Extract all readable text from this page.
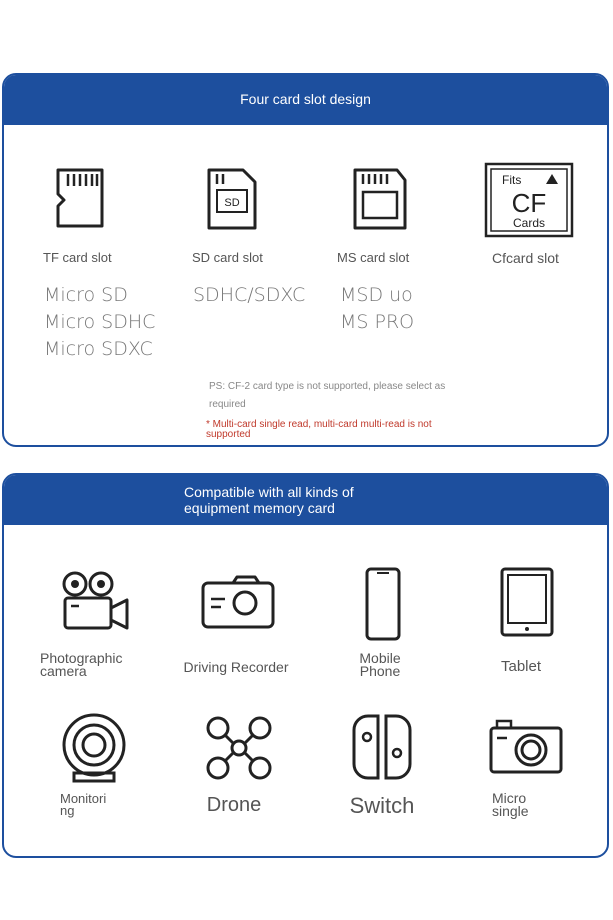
Four card slot design
TF card slot
Micro SD
Micro SDHC
Micro SDXC
SD
SD card slot
SDHC/SDXC
MS card slot
MSD uo
MS PRO
Fits
CF
Cards
Cfcard slot
PS: CF-2 card type is not supported, please select as
required
* Multi-card single read, multi-card multi-read is not
supported
Compatible with all kinds of
equipment memory card
Photographic
camera	Driving Recorder
Mobile
Phone	Tablet
Monitori
ng	Drone	Switch	Micro
single
